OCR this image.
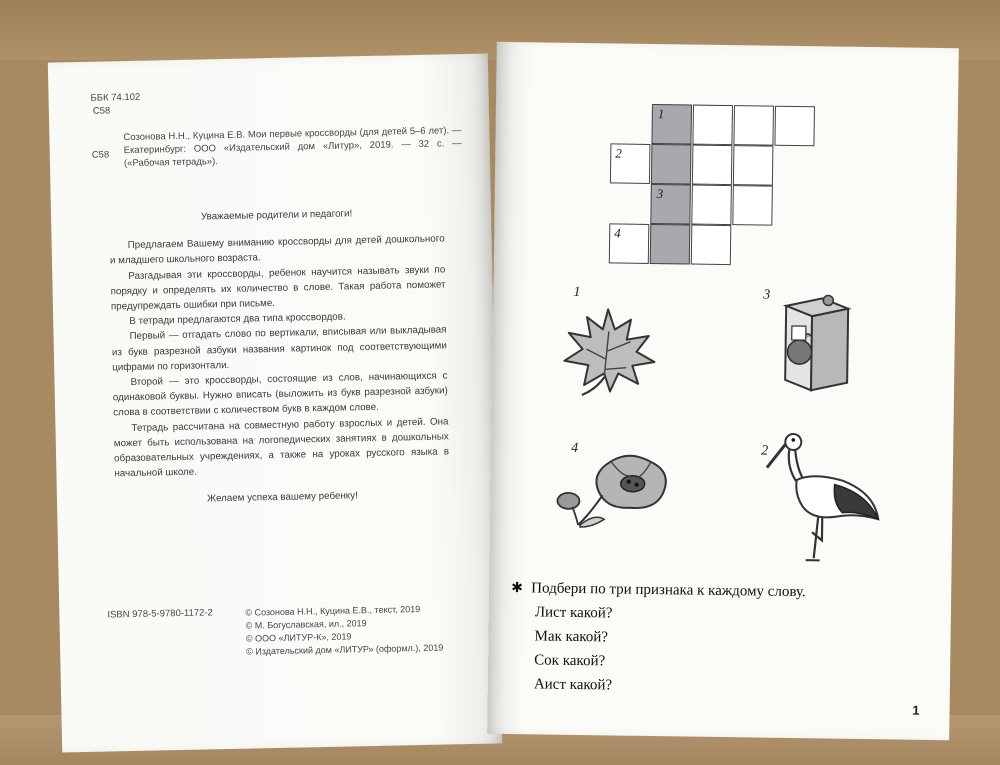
ББК 74.102
С58
С58
Созонова Н.Н., Куцина Е.В. Мои первые кроссворды (для детей 5–6 лет). — Екатеринбург: ООО «Издательский дом «Литур», 2019. — 32 с. — («Рабочая тетрадь»).
Уважаемые родители и педагоги!

Предлагаем Вашему вниманию кроссворды для детей дошкольного и младшего школьного возраста.

Разгадывая эти кроссворды, ребенок научится называть звуки по порядку и определять их количество в слове. Такая работа поможет предупреждать ошибки при письме.

В тетради предлагаются два типа кроссвордов.

Первый — отгадать слово по вертикали, вписывая или выкладывая из букв разрезной азбуки названия картинок под соответствующими цифрами по горизонтали.

Второй — это кроссворды, состоящие из слов, начинающихся с одинаковой буквы. Нужно вписать (выложить из букв разрезной азбуки) слова в соответствии с количеством букв в каждом слове.

Тетрадь рассчитана на совместную работу взрослых и детей. Она может быть использована на логопедических занятиях в дошкольных образовательных учреждениях, а также на уроках русского языка в начальной школе.

Желаем успеха вашему ребенку!

ISBN 978-5-9780-1172-2	© Созонова Н.Н., Куцина Е.В., текст, 2019
© М. Богуславская, ил., 2019
© ООО «ЛИТУР-К», 2019
© Издательский дом «ЛИТУР» (оформл.), 2019
1
2
3
4
1	3
4	2
✱ Подбери по три признака к каждому слову.
Лист какой?
Мак какой?
Сок какой?
Аист какой?
1
